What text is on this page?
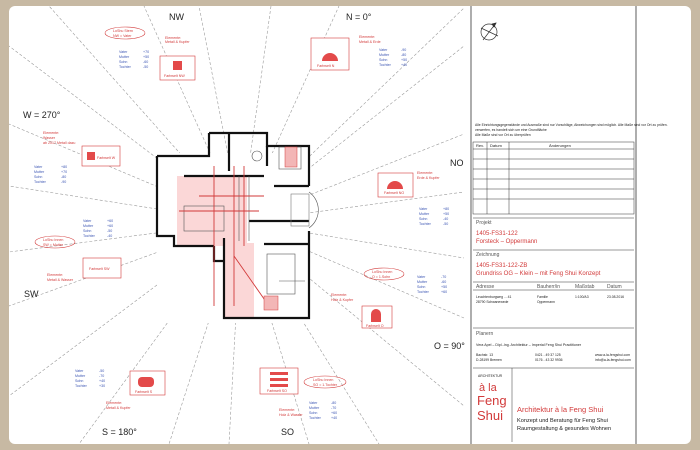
NW	N = 0°
W = 270°
NO
SW
O = 90°
S = 180°	SO
LoShu Stern
NW = Vater	Elemente:
Metall & Kupfer
Vater	+70
Mutter	+50
Sohn	-60
Tochter	-50
Farbwelt NW
Farbwelt N
Elemente:
Metall & Erde
Vater	-90
Mutter	-80
Sohn	+50
Tochter	+40
Elemente:
Wasser
ab 2017 Metall dazu
Farbwelt W
Vater	+80
Mutter	+70
Sohn	-80
Tochter	-90
Farbwelt NO
Elemente:
Erde & Kupfer
Vater	+80
Mutter	+50
Sohn	-40
Tochter	-50
Vater	+60
Mutter	+60
Sohn	-50
Tochter	-40
LoShu Innen
SW = Mutter
Farbwelt SW
Elemente:
Metall & Wasser
LoShu Innen
O = 1.Sohn	Vater	-70
Mutter	-60
Sohn	+50
Tochter	+60
Elemente:
Holz & Kupfer
Farbwelt O
Vater	-50
Mutter	-70
Sohn	+40
Tochter	+30
Farbwelt S
Elemente:
Metall & Kupfer
Farbwelt SO
LoShu Innen
SO = 1.Tochter
Vater	-80
Mutter	-70
Sohn	+60
Tochter	+40
Elemente:
Holz & Wasser
Alle Einrichtungsgegenstände und Ausmaße sind nur Vorschläge, Abweichungen sind möglich. Alle Maße sind vor Ort zu prüfen.
verwerfen, es handelt sich um eine Grundfläche
Alle Maße sind vor Ort zu überprüfen
Rev. Datum	Änderungen
Projekt
1405-FS31-122
Forsteck – Oppermann
Zeichnung
1405-FS31-122-ZB
Grundriss OG – Klein – mit Feng Shui Konzept
Adresse	Bauherr/in	Maßstab	Datum
Leuchtenburgweg ... 41	Familie	1:100/A3	23.08.2016
28790 Schwanewede	Oppermann
Planern
Vera Apel – Dipl.-Ing. Architektur – Imperial Feng Shui Practitioner
Bachstr. 13
D-28199 Bremen
0421 - 49 37 125
0176 - 43 32 9936
www.a-la-fengshui.com
info@a-la-fengshui.com
ARCHITEKTUR
à la
Feng
Shui Architektur à la Feng Shui
Konzept und Beratung für Feng Shui
Raumgestaltung & gesundes Wohnen
